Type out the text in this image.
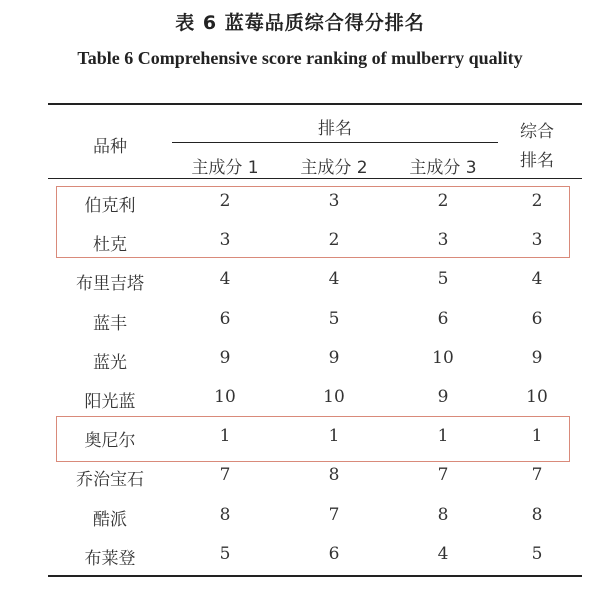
表 6 蓝莓品质综合得分排名
Table 6 Comprehensive score ranking of mulberry quality
品种
排名
主成分 1	主成分 2	主成分 3
综合
排名
伯克利	2	3	2	2
杜克	3	2	3	3
布里吉塔	4	4	5	4
蓝丰	6	5	6	6
蓝光	9	9	10	9
阳光蓝	10	10	9	10
奥尼尔	1	1	1	1
乔治宝石	7	8	7	7
酷派	8	7	8	8
布莱登	5	6	4	5
